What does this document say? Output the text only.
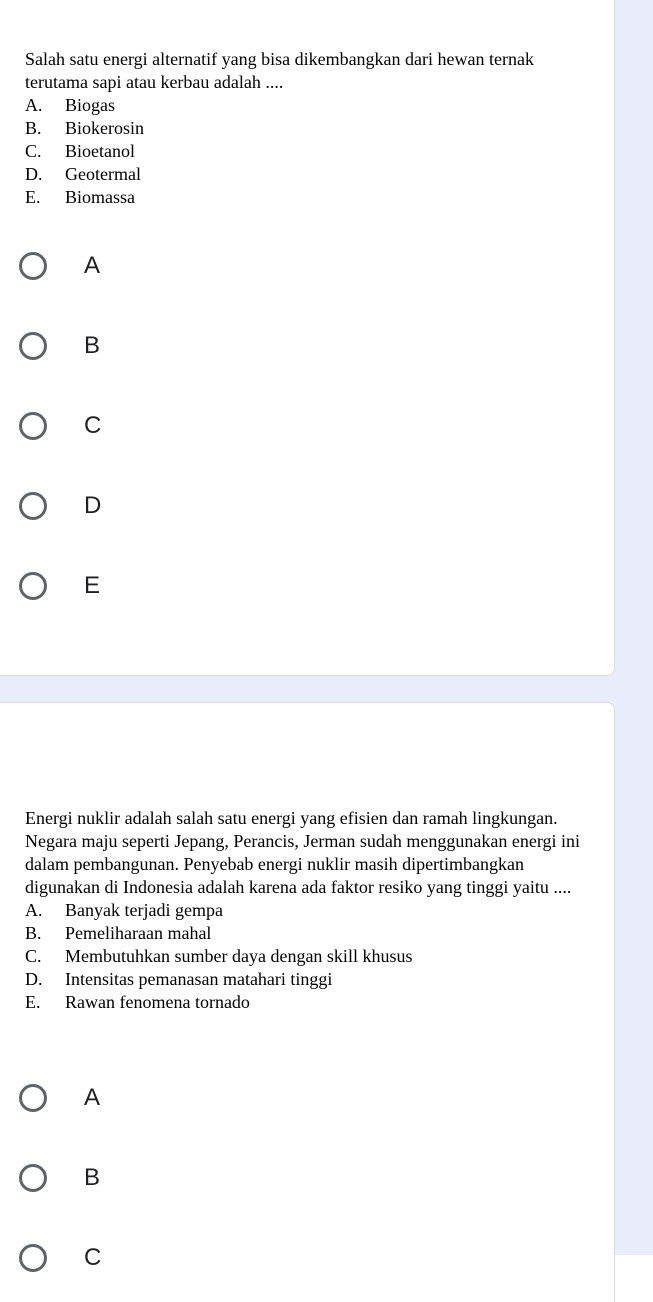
Salah satu energi alternatif yang bisa dikembangkan dari hewan ternak terutama sapi atau kerbau adalah ....

A. Biogas
B. Biokerosin
C. Bioetanol
D. Geotermal
E. Biomassa
A
B
C
D
E

Energi nuklir adalah salah satu energi yang efisien dan ramah lingkungan. Negara maju seperti Jepang, Perancis, Jerman sudah menggunakan energi ini dalam pembangunan. Penyebab energi nuklir masih dipertimbangkan digunakan di Indonesia adalah karena ada faktor resiko yang tinggi yaitu ....

A. Banyak terjadi gempa
B. Pemeliharaan mahal
C. Membutuhkan sumber daya dengan skill khusus
D. Intensitas pemanasan matahari tinggi
E. Rawan fenomena tornado
A
B
C
